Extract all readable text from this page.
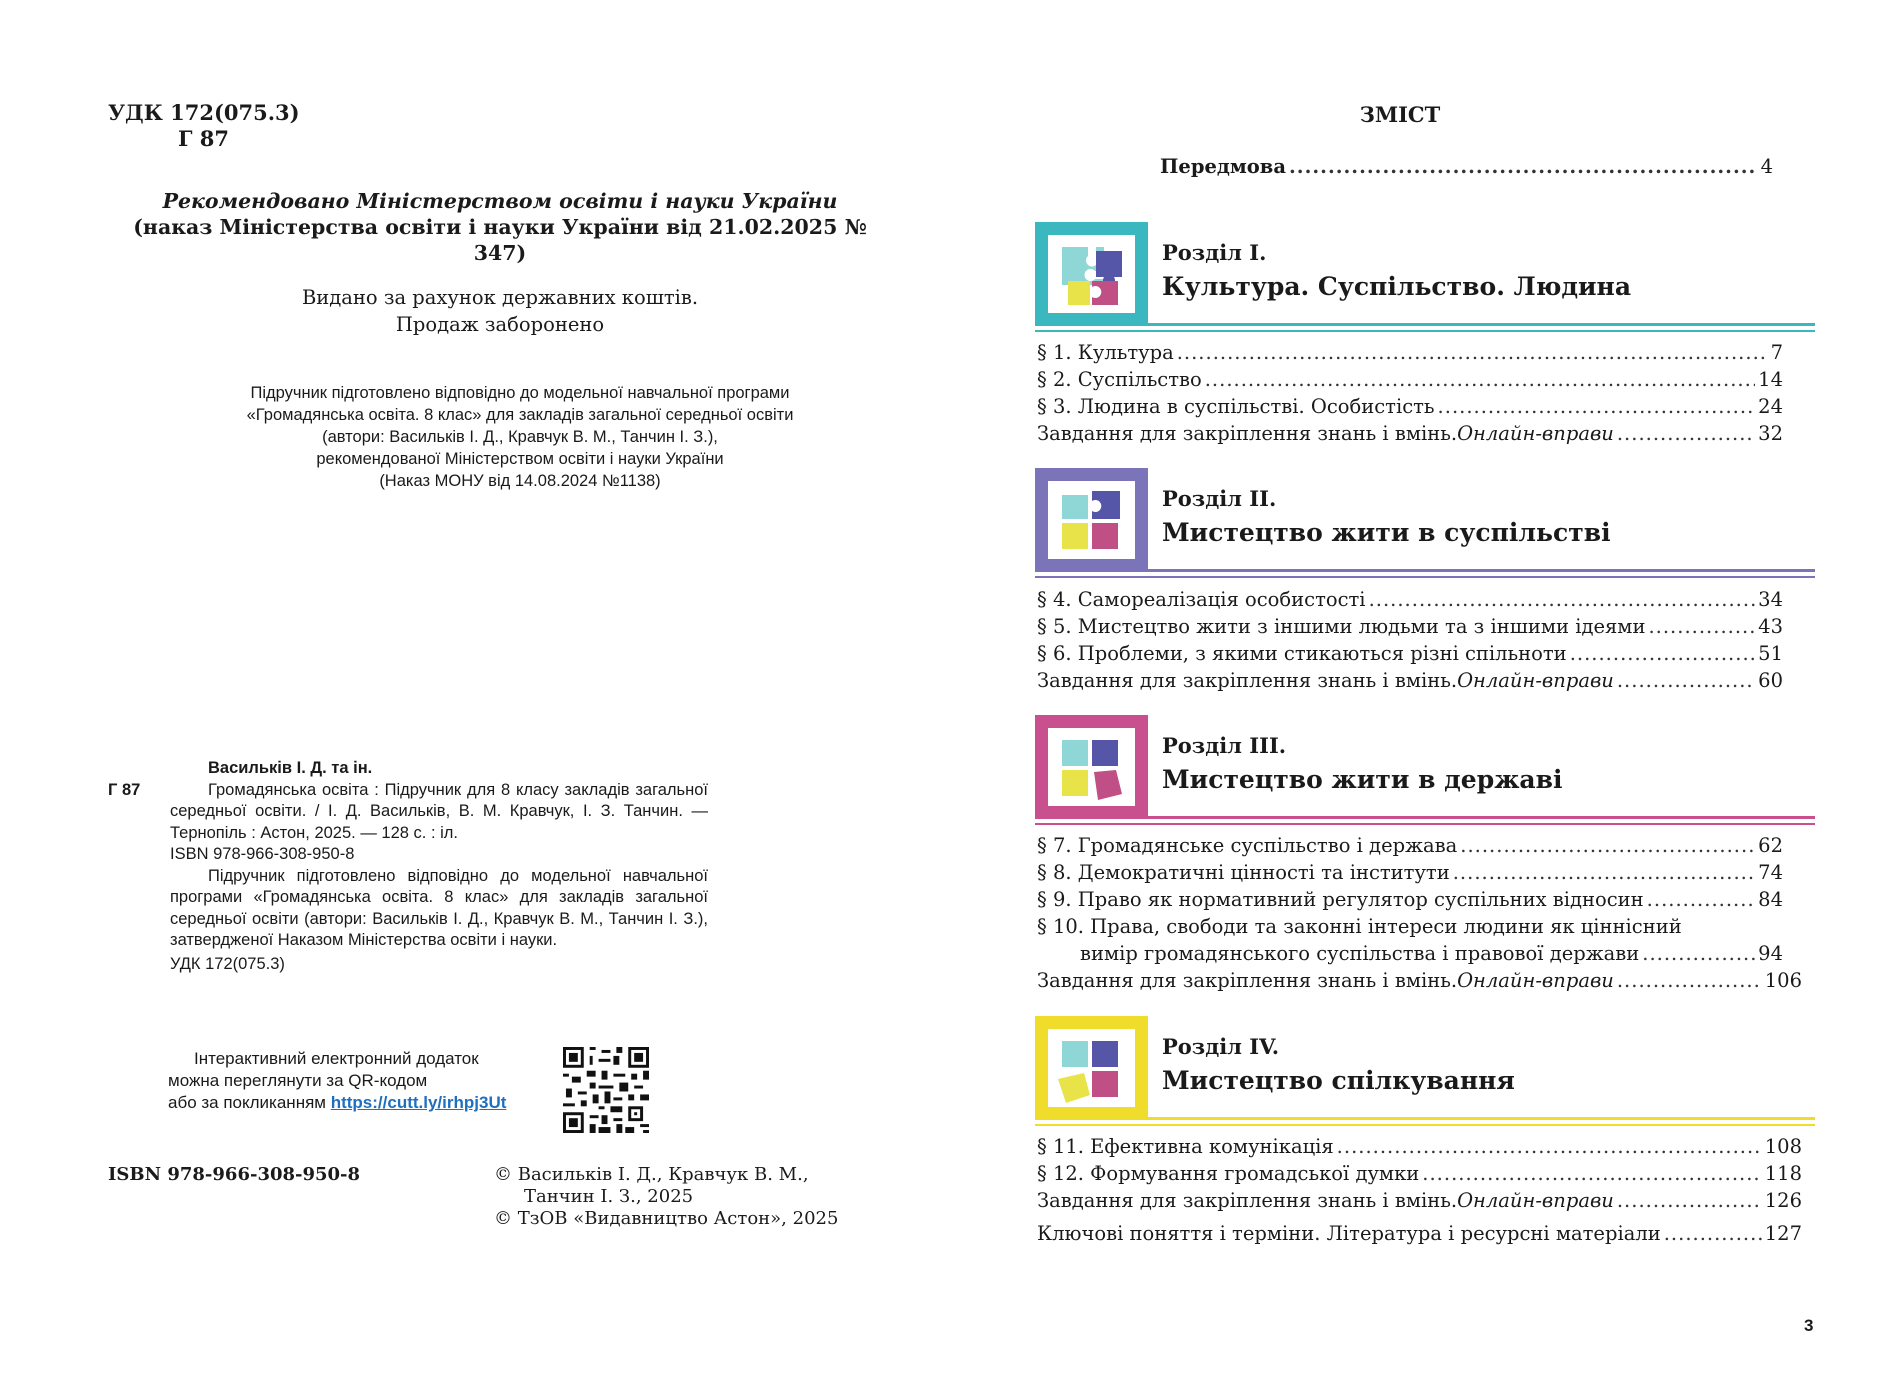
УДК 172(075.3)
Г 87
Рекомендовано Міністерством освіти і науки України
(наказ Міністерства освіти і науки України від 21.02.2025 № 347)
Видано за рахунок державних коштів.
Продаж заборонено
Підручник підготовлено відповідно до модельної навчальної програми
«Громадянська освіта. 8 клас» для закладів загальної середньої освіти
(автори: Васильків І. Д., Кравчук В. М., Танчин І. З.),
рекомендованої Міністерством освіти і науки України
(Наказ МОНУ від 14.08.2024 №1138)
Г 87
Васильків І. Д. та ін.

Громадянська освіта : Підручник для 8 класу закладів загальної середньої освіти. / І. Д. Васильків, В. М. Кравчук, І. З. Танчин. — Тернопіль : Астон, 2025. — 128 с. : іл.

ISBN 978-966-308-950-8

Підручник підготовлено відповідно до модельної навчальної програми «Громадянська освіта. 8 клас» для закладів загальної середньої освіти (автори: Васильків І. Д., Кравчук В. М., Танчин І. З.), затвердженої Наказом Міністерства освіти і науки.

УДК 172(075.3)

Інтерактивний електронний додаток
можна переглянути за QR-кодом
або за покликанням https://cutt.ly/irhpj3Ut
ISBN 978-966-308-950-8	© Васильків І. Д., Кравчук В. М.,
Танчин І. З., 2025
© ТзОВ «Видавництво Астон», 2025
ЗМІСТ
Передмова .....	4
Розділ І.
Культура. Суспільство. Людина
§ 1. Культура .....	7
§ 2. Суспільство .....	14
§ 3. Людина в суспільстві. Особистість .....	24
Завдання для закріплення знань і вмінь. Онлайн-вправи .....	32
Розділ ІІ.
Мистецтво жити в суспільстві
§ 4. Самореалізація особистості .....	34
§ 5. Мистецтво жити з іншими людьми та з іншими ідеями .....	43
§ 6. Проблеми, з якими стикаються різні спільноти .....	51
Завдання для закріплення знань і вмінь. Онлайн-вправи .....	60
Розділ ІІІ.
Мистецтво жити в державі
§ 7. Громадянське суспільство і держава .....	62
§ 8. Демократичні цінності та інститути .....	74
§ 9. Право як нормативний регулятор суспільних відносин .....	84
§ 10. Права, свободи та законні інтереси людини як ціннісний
вимір громадянського суспільства і правової держави .....	94
Завдання для закріплення знань і вмінь. Онлайн-вправи .....	106
Розділ IV.
Мистецтво спілкування
§ 11. Ефективна комунікація .....	108
§ 12. Формування громадської думки .....	118
Завдання для закріплення знань і вмінь. Онлайн-вправи .....	126
Ключові поняття і терміни. Література і ресурсні матеріали .....	127
3
